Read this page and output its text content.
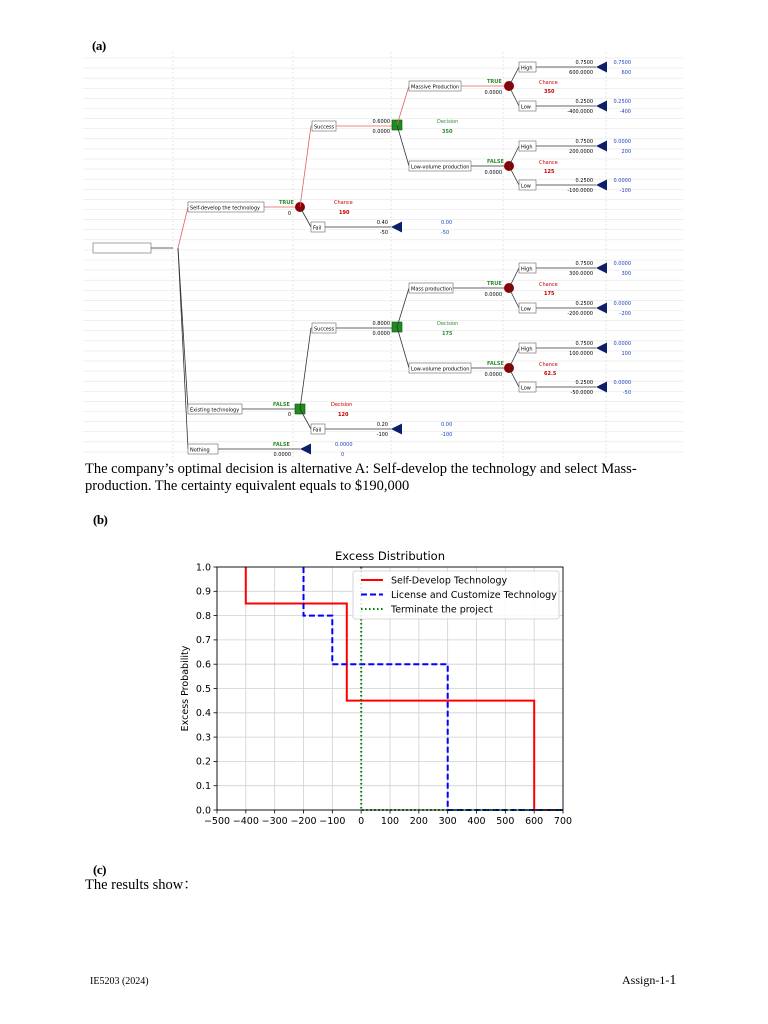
(a)
Self-develop the technology
TRUE
0
Chance
190
Success
0.6000
0.0000
Decision
350
Massive Production
TRUE
0.0000
Chance
350
High
0.7500
600.0000
0.7500
600
Low
0.2500
-400.0000
0.2500
-400
Low-volume production
FALSE
0.0000
Chance
125
High
0.7500
200.0000
0.0000
200
Low
0.2500
-100.0000
0.0000
-100
Fail
0.40
-50
0.00
-50
Existing technology
FALSE
0
Decision
120
Success
0.8000
0.0000
Decision
175
Mass production
TRUE
0.0000
Chance
175
High
0.7500
300.0000
0.0000
300
Low
0.2500
-200.0000
0.0000
-200
Low-volume production
FALSE
0.0000
Chance
62.5
High
0.7500
100.0000
0.0000
100
Low
0.2500
-50.0000
0.0000
-50
Fail
0.20
-100
0.00
-100
Nothing
FALSE
0.0000
0.0000
0
The company’s optimal decision is alternative A: Self-develop the technology and select Mass-production. The certainty equivalent equals to $190,000
(b)
Excess Distribution
−500 −400 −300 −200 −100 0 100 200 300 400 500 600 700
0.0
0.1
0.2
0.3
0.4
0.5
0.6
0.7
0.8
0.9
1.0
Excess Probability
Self-Develop Technology
License and Customize Technology
Terminate the project
(c)
The results show：
IE5203 (2024)	Assign-1-1
